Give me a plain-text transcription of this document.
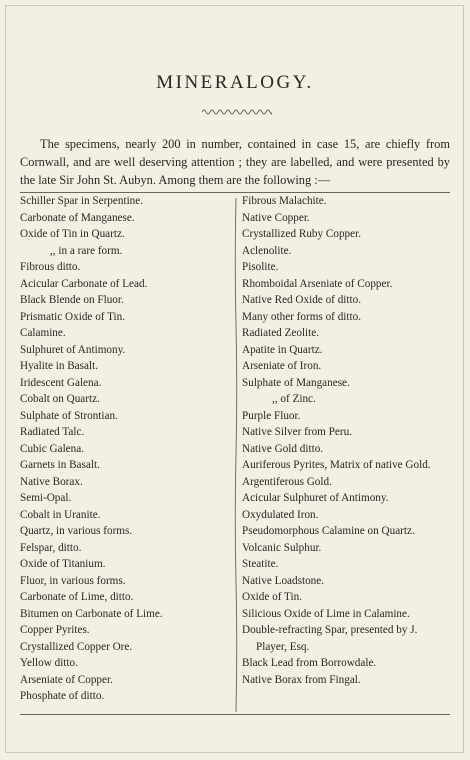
MINERALOGY.

The specimens, nearly 200 in number, contained in case 15, are chiefly from Cornwall, and are well deserving attention ; they are labelled, and were presented by the late Sir John St. Aubyn. Among them are the following :—

Schiller Spar in Serpentine.
Carbonate of Manganese.
Oxide of Tin in Quartz.
,, in a rare form.
Fibrous ditto.
Acicular Carbonate of Lead.
Black Blende on Fluor.
Prismatic Oxide of Tin.
Calamine.
Sulphuret of Antimony.
Hyalite in Basalt.
Iridescent Galena.
Cobalt on Quartz.
Sulphate of Strontian.
Radiated Talc.
Cubic Galena.
Garnets in Basalt.
Native Borax.
Semi-Opal.
Cobalt in Uranite.
Quartz, in various forms.
Felspar, ditto.
Oxide of Titanium.
Fluor, in various forms.
Carbonate of Lime, ditto.
Bitumen on Carbonate of Lime.
Copper Pyrites.
Crystallized Copper Ore.
Yellow ditto.
Arseniate of Copper.
Phosphate of ditto.
Fibrous Malachite.
Native Copper.
Crystallized Ruby Copper.
Aclenolite.
Pisolite.
Rhomboidal Arseniate of Copper.
Native Red Oxide of ditto.
Many other forms of ditto.
Radiated Zeolite.
Apatite in Quartz.
Arseniate of Iron.
Sulphate of Manganese.
,, of Zinc.
Purple Fluor.
Native Silver from Peru.
Native Gold ditto.
Auriferous Pyrites, Matrix of native Gold.
Argentiferous Gold.
Acicular Sulphuret of Antimony.
Oxydulated Iron.
Pseudomorphous Calamine on Quartz.
Volcanic Sulphur.
Steatite.
Native Loadstone.
Oxide of Tin.
Silicious Oxide of Lime in Calamine.
Double-refracting Spar, presented by J. Player, Esq.
Black Lead from Borrowdale.
Native Borax from Fingal.
